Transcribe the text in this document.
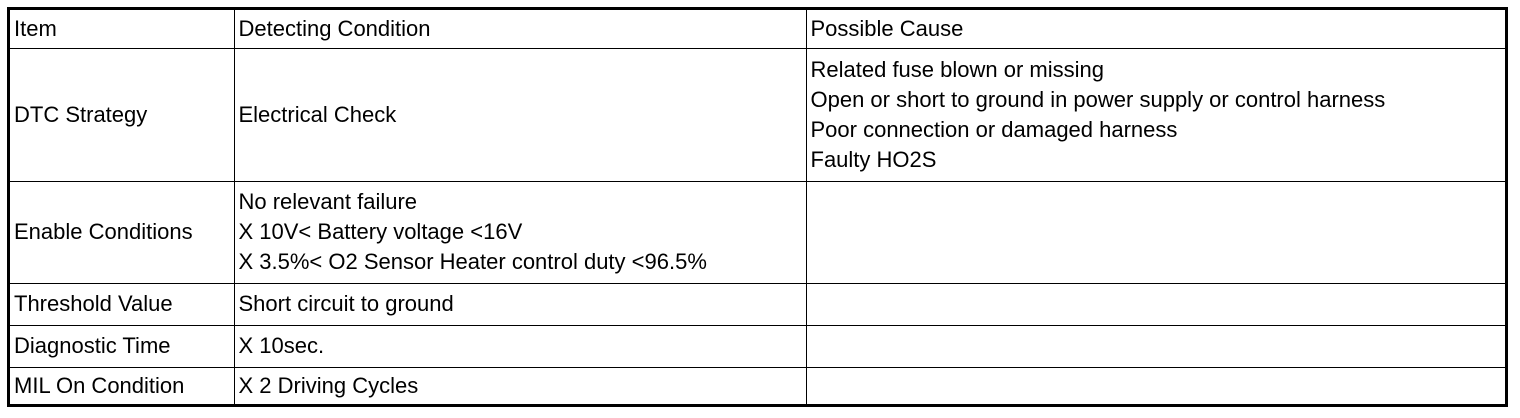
Item	Detecting Condition	Possible Cause
DTC Strategy	Electrical Check	Related fuse blown or missing
Open or short to ground in power supply or control harness
Poor connection or damaged harness
Faulty HO2S

Enable Conditions	No relevant failure
X 10V< Battery voltage <16V
X 3.5%< O2 Sensor Heater control duty <96.5%	

Threshold Value	Short circuit to ground	

Diagnostic Time	X 10sec.	

MIL On Condition	X 2 Driving Cycles	
